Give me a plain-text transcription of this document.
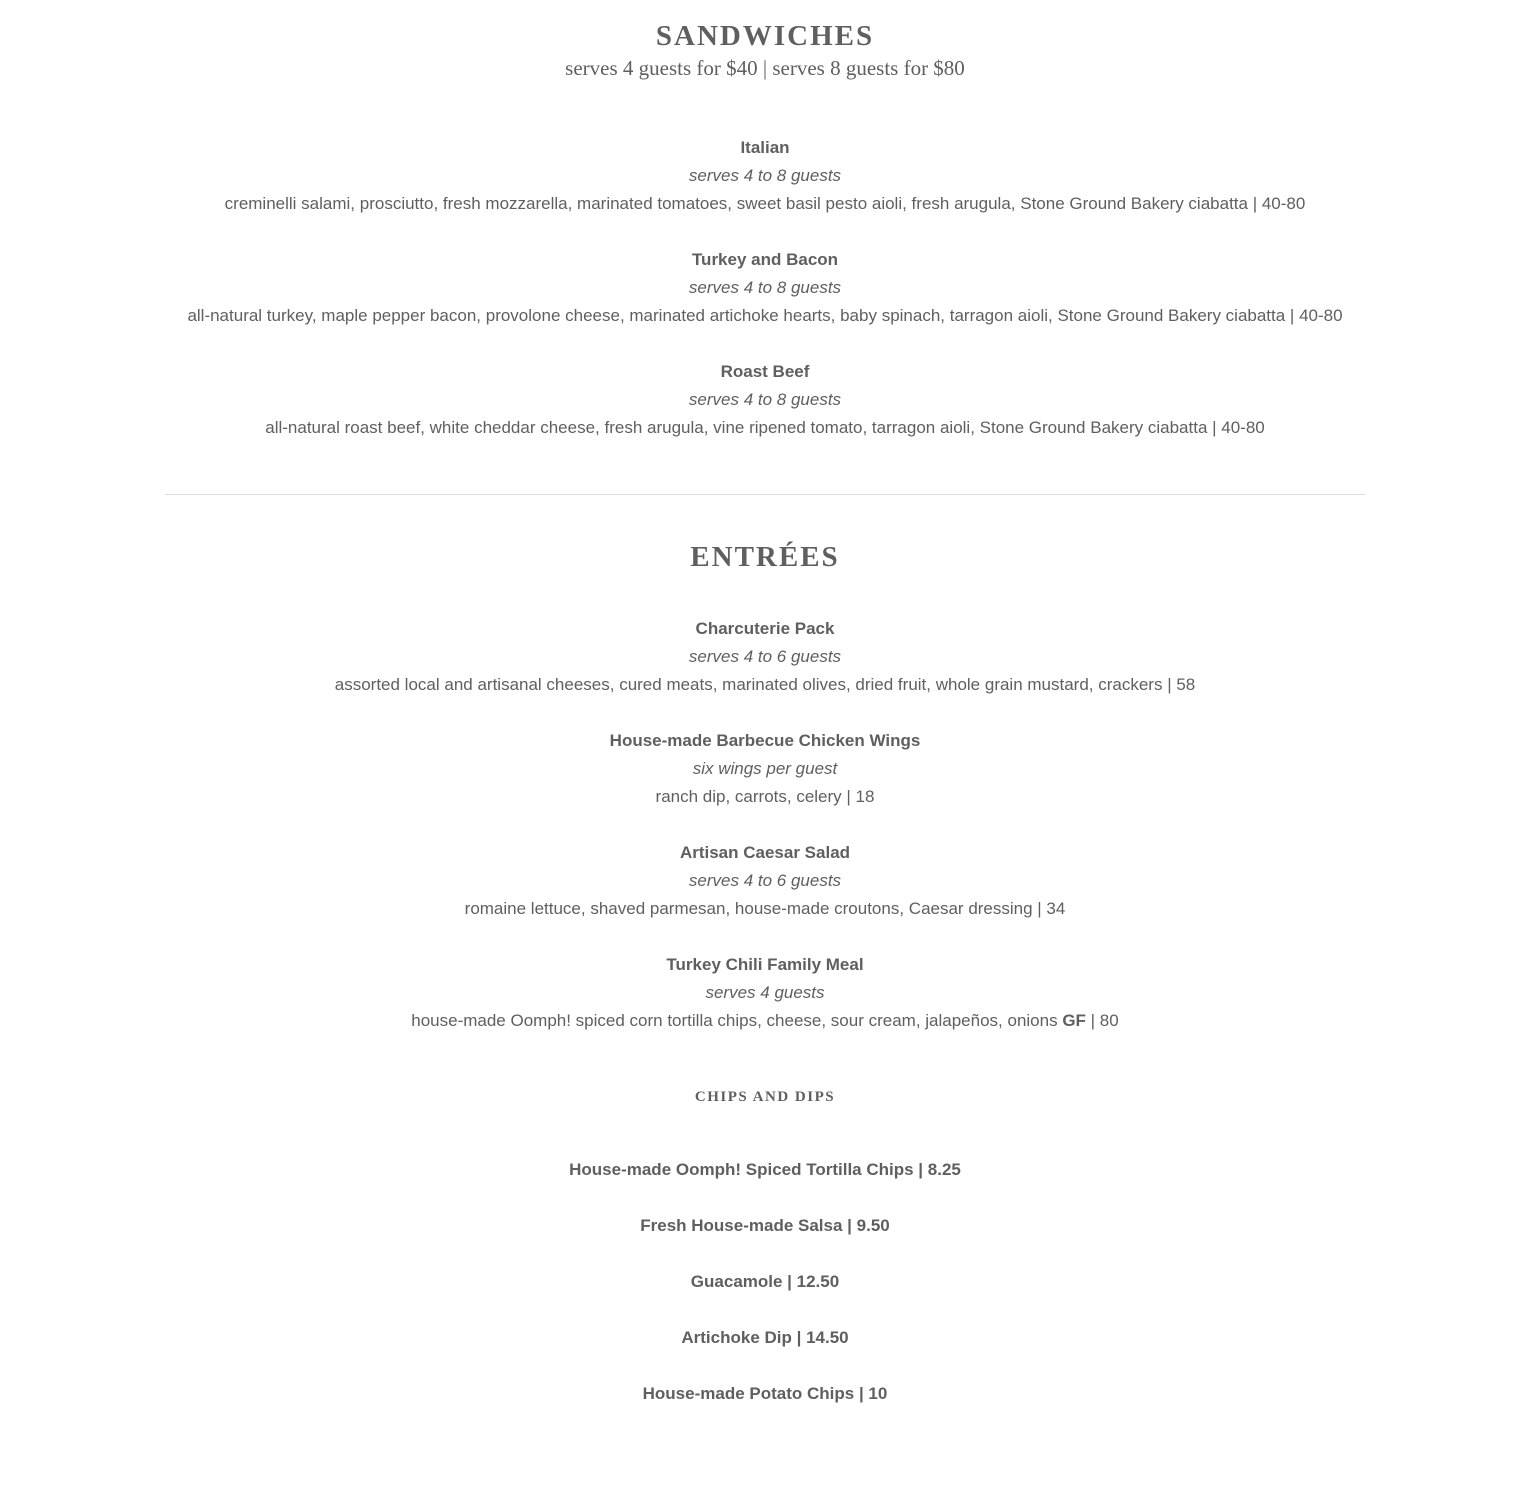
SANDWICHES

serves 4 guests for $40 | serves 8 guests for $80

Italian
serves 4 to 8 guests
creminelli salami, prosciutto, fresh mozzarella, marinated tomatoes, sweet basil pesto aioli, fresh arugula, Stone Ground Bakery ciabatta | 40-80
Turkey and Bacon
serves 4 to 8 guests
all-natural turkey, maple pepper bacon, provolone cheese, marinated artichoke hearts, baby spinach, tarragon aioli, Stone Ground Bakery ciabatta | 40-80
Roast Beef
serves 4 to 8 guests
all-natural roast beef, white cheddar cheese, fresh arugula, vine ripened tomato, tarragon aioli, Stone Ground Bakery ciabatta | 40-80
ENTRÉES
Charcuterie Pack
serves 4 to 6 guests
assorted local and artisanal cheeses, cured meats, marinated olives, dried fruit, whole grain mustard, crackers | 58
House-made Barbecue Chicken Wings
six wings per guest
ranch dip, carrots, celery | 18
Artisan Caesar Salad
serves 4 to 6 guests
romaine lettuce, shaved parmesan, house-made croutons, Caesar dressing | 34
Turkey Chili Family Meal
serves 4 guests
house-made Oomph! spiced corn tortilla chips, cheese, sour cream, jalapeños, onions GF | 80
CHIPS AND DIPS
House-made Oomph! Spiced Tortilla Chips | 8.25
Fresh House-made Salsa | 9.50
Guacamole | 12.50
Artichoke Dip | 14.50
House-made Potato Chips | 10
